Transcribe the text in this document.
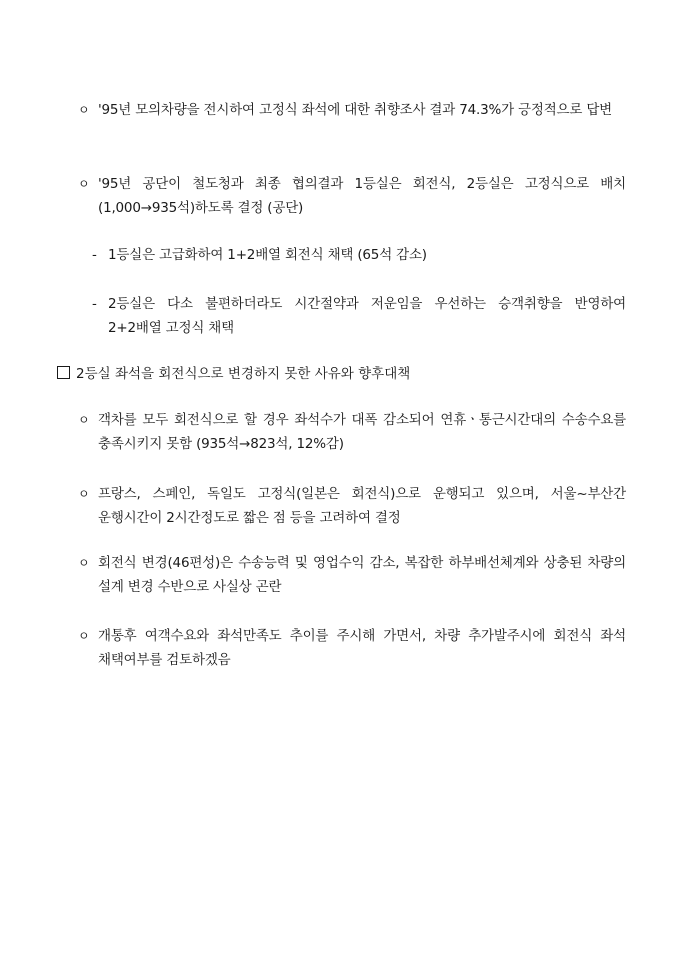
ㅇ '95년 모의차량을 전시하여 고정식 좌석에 대한 취향조사 결과 74.3%가 긍정적으로 답변
ㅇ '95년 공단이 철도청과 최종 협의결과 1등실은 회전식, 2등실은 고정식으로 배치(1,000→935석)하도록 결정 (공단)
- 1등실은 고급화하여 1+2배열 회전식 채택 (65석 감소)
- 2등실은 다소 불편하더라도 시간절약과 저운임을 우선하는 승객취향을 반영하여 2+2배열 고정식 채택
2등실 좌석을 회전식으로 변경하지 못한 사유와 향후대책
ㅇ 객차를 모두 회전식으로 할 경우 좌석수가 대폭 감소되어 연휴ㆍ통근시간대의 수송수요를 충족시키지 못함 (935석→823석, 12%감)
ㅇ 프랑스, 스페인, 독일도 고정식(일본은 회전식)으로 운행되고 있으며, 서울~부산간 운행시간이 2시간정도로 짧은 점 등을 고려하여 결정
ㅇ 회전식 변경(46편성)은 수송능력 및 영업수익 감소, 복잡한 하부배선체계와 상충된 차량의 설계 변경 수반으로 사실상 곤란
ㅇ 개통후 여객수요와 좌석만족도 추이를 주시해 가면서, 차량 추가발주시에 회전식 좌석 채택여부를 검토하겠음
